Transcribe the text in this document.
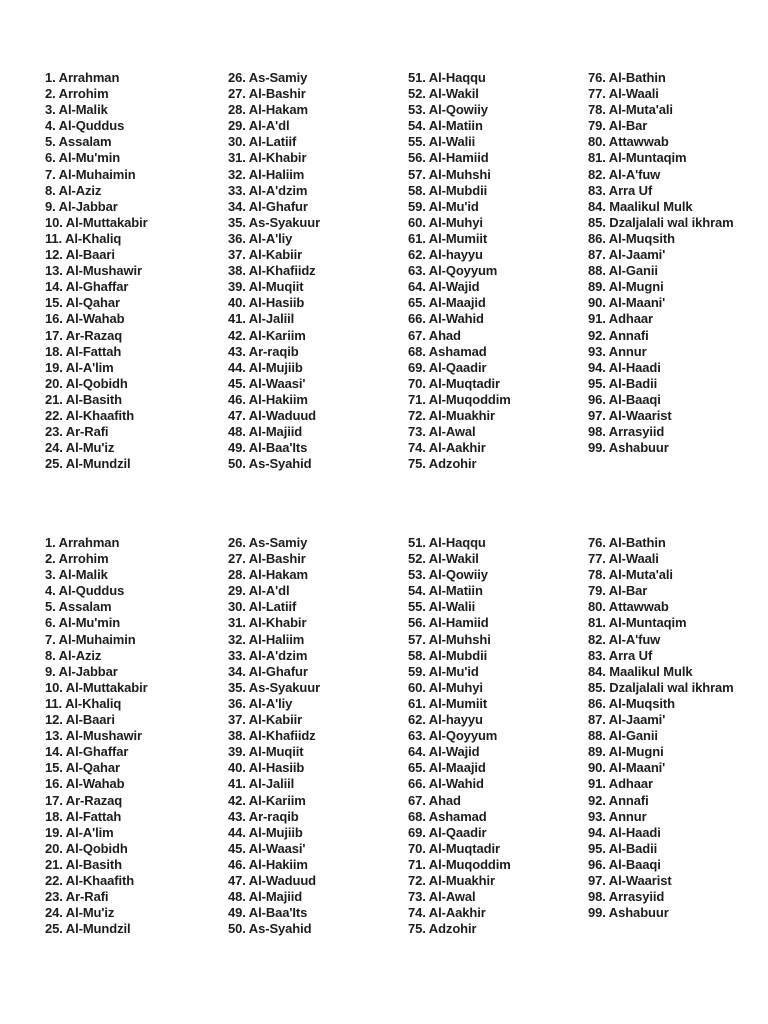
1. Arrahman
2. Arrohim
3. Al-Malik
4. Al-Quddus
5. Assalam
6. Al-Mu'min
7. Al-Muhaimin
8. Al-Aziz
9. Al-Jabbar
10. Al-Muttakabir
11. Al-Khaliq
12. Al-Baari
13. Al-Mushawir
14. Al-Ghaffar
15. Al-Qahar
16. Al-Wahab
17. Ar-Razaq
18. Al-Fattah
19. Al-A'lim
20. Al-Qobidh
21. Al-Basith
22. Al-Khaafith
23. Ar-Rafi
24. Al-Mu'iz
25. Al-Mundzil
26. As-Samiy
27. Al-Bashir
28. Al-Hakam
29. Al-A'dl
30. Al-Latiif
31. Al-Khabir
32. Al-Haliim
33. Al-A'dzim
34. Al-Ghafur
35. As-Syakuur
36. Al-A'liy
37. Al-Kabiir
38. Al-Khafiidz
39. Al-Muqiit
40. Al-Hasiib
41. Al-Jaliil
42. Al-Kariim
43. Ar-raqib
44. Al-Mujiib
45. Al-Waasi'
46. Al-Hakiim
47. Al-Waduud
48. Al-Majiid
49. Al-Baa'Its
50. As-Syahid
51. Al-Haqqu
52. Al-Wakil
53. Al-Qowiiy
54. Al-Matiin
55. Al-Walii
56. Al-Hamiid
57. Al-Muhshi
58. Al-Mubdii
59. Al-Mu'id
60. Al-Muhyi
61. Al-Mumiit
62. Al-hayyu
63. Al-Qoyyum
64. Al-Wajid
65. Al-Maajid
66. Al-Wahid
67. Ahad
68. Ashamad
69. Al-Qaadir
70. Al-Muqtadir
71. Al-Muqoddim
72. Al-Muakhir
73. Al-Awal
74. Al-Aakhir
75. Adzohir
76. Al-Bathin
77. Al-Waali
78. Al-Muta'ali
79. Al-Bar
80. Attawwab
81. Al-Muntaqim
82. Al-A'fuw
83. Arra Uf
84. Maalikul Mulk
85. Dzaljalali wal ikhram
86. Al-Muqsith
87. Al-Jaami'
88. Al-Ganii
89. Al-Mugni
90. Al-Maani'
91. Adhaar
92. Annafi
93. Annur
94. Al-Haadi
95. Al-Badii
96. Al-Baaqi
97. Al-Waarist
98. Arrasyiid
99. Ashabuur
1. Arrahman
2. Arrohim
3. Al-Malik
4. Al-Quddus
5. Assalam
6. Al-Mu'min
7. Al-Muhaimin
8. Al-Aziz
9. Al-Jabbar
10. Al-Muttakabir
11. Al-Khaliq
12. Al-Baari
13. Al-Mushawir
14. Al-Ghaffar
15. Al-Qahar
16. Al-Wahab
17. Ar-Razaq
18. Al-Fattah
19. Al-A'lim
20. Al-Qobidh
21. Al-Basith
22. Al-Khaafith
23. Ar-Rafi
24. Al-Mu'iz
25. Al-Mundzil
26. As-Samiy
27. Al-Bashir
28. Al-Hakam
29. Al-A'dl
30. Al-Latiif
31. Al-Khabir
32. Al-Haliim
33. Al-A'dzim
34. Al-Ghafur
35. As-Syakuur
36. Al-A'liy
37. Al-Kabiir
38. Al-Khafiidz
39. Al-Muqiit
40. Al-Hasiib
41. Al-Jaliil
42. Al-Kariim
43. Ar-raqib
44. Al-Mujiib
45. Al-Waasi'
46. Al-Hakiim
47. Al-Waduud
48. Al-Majiid
49. Al-Baa'Its
50. As-Syahid
51. Al-Haqqu
52. Al-Wakil
53. Al-Qowiiy
54. Al-Matiin
55. Al-Walii
56. Al-Hamiid
57. Al-Muhshi
58. Al-Mubdii
59. Al-Mu'id
60. Al-Muhyi
61. Al-Mumiit
62. Al-hayyu
63. Al-Qoyyum
64. Al-Wajid
65. Al-Maajid
66. Al-Wahid
67. Ahad
68. Ashamad
69. Al-Qaadir
70. Al-Muqtadir
71. Al-Muqoddim
72. Al-Muakhir
73. Al-Awal
74. Al-Aakhir
75. Adzohir
76. Al-Bathin
77. Al-Waali
78. Al-Muta'ali
79. Al-Bar
80. Attawwab
81. Al-Muntaqim
82. Al-A'fuw
83. Arra Uf
84. Maalikul Mulk
85. Dzaljalali wal ikhram
86. Al-Muqsith
87. Al-Jaami'
88. Al-Ganii
89. Al-Mugni
90. Al-Maani'
91. Adhaar
92. Annafi
93. Annur
94. Al-Haadi
95. Al-Badii
96. Al-Baaqi
97. Al-Waarist
98. Arrasyiid
99. Ashabuur
